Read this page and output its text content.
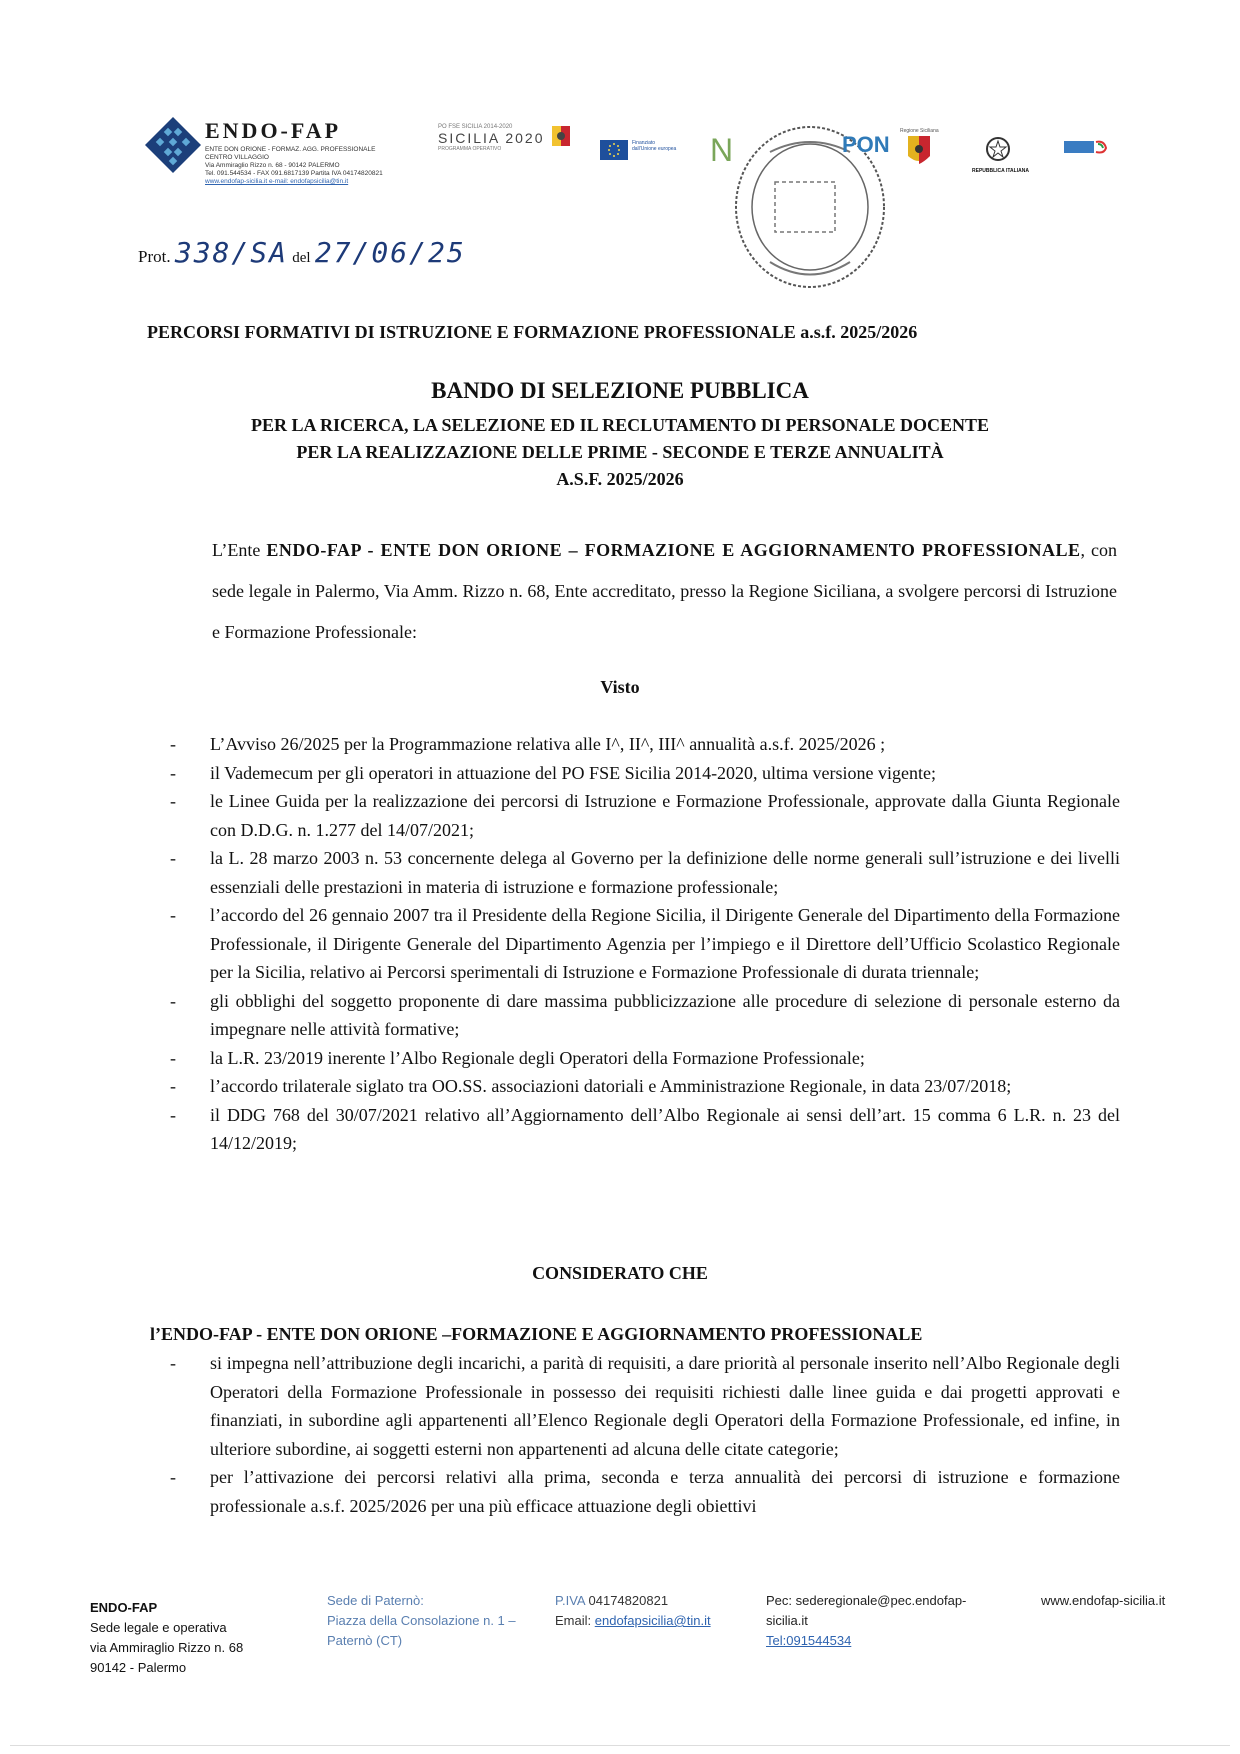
ENDO-FAP
ENTE DON ORIONE - FORMAZ. AGG. PROFESSIONALE
CENTRO VILLAGGIO
Via Ammiraglio Rizzo n. 68 - 90142 PALERMO
Tel. 091.544534 - FAX 091.6817139 Partita IVA 04174820821
www.endofap-sicilia.it e-mail: endofapsicilia@tin.it
PO FSE SICILIA 2014-2020
SICILIA 2020
PROGRAMMA OPERATIVO
Finanziato dall'Unione europea N	PON
Regione Siciliana
REPUBBLICA ITALIANA
Prot. 338/SA del 27/06/25
PERCORSI FORMATIVI DI ISTRUZIONE E FORMAZIONE PROFESSIONALE a.s.f. 2025/2026
BANDO DI SELEZIONE PUBBLICA
PER LA RICERCA, LA SELEZIONE ED IL RECLUTAMENTO DI PERSONALE DOCENTE
PER LA REALIZZAZIONE DELLE PRIME - SECONDE E TERZE ANNUALITÀ
A.S.F. 2025/2026
L’Ente ENDO-FAP - ENTE DON ORIONE – FORMAZIONE E AGGIORNAMENTO PROFESSIONALE, con sede legale in Palermo, Via Amm. Rizzo n. 68, Ente accreditato, presso la Regione Siciliana, a svolgere percorsi di Istruzione e Formazione Professionale:
Visto
-	L’Avviso 26/2025 per la Programmazione relativa alle I^, II^, III^ annualità a.s.f. 2025/2026 ;
-	il Vademecum per gli operatori in attuazione del PO FSE Sicilia 2014-2020, ultima versione vigente;
-	le Linee Guida per la realizzazione dei percorsi di Istruzione e Formazione Professionale, approvate dalla Giunta Regionale con D.D.G. n. 1.277 del 14/07/2021;
-	la L. 28 marzo 2003 n. 53 concernente delega al Governo per la definizione delle norme generali sull’istruzione e dei livelli essenziali delle prestazioni in materia di istruzione e formazione professionale;
-	l’accordo del 26 gennaio 2007 tra il Presidente della Regione Sicilia, il Dirigente Generale del Dipartimento della Formazione Professionale, il Dirigente Generale del Dipartimento Agenzia per l’impiego e il Direttore dell’Ufficio Scolastico Regionale per la Sicilia, relativo ai Percorsi sperimentali di Istruzione e Formazione Professionale di durata triennale;
-	gli obblighi del soggetto proponente di dare massima pubblicizzazione alle procedure di selezione di personale esterno da impegnare nelle attività formative;
-	la L.R. 23/2019 inerente l’Albo Regionale degli Operatori della Formazione Professionale;
-	l’accordo trilaterale siglato tra OO.SS. associazioni datoriali e Amministrazione Regionale, in data 23/07/2018;
-	il DDG 768 del 30/07/2021 relativo all’Aggiornamento dell’Albo Regionale ai sensi dell’art. 15 comma 6 L.R. n. 23 del 14/12/2019;
CONSIDERATO CHE
l’ENDO-FAP - ENTE DON ORIONE –FORMAZIONE E AGGIORNAMENTO PROFESSIONALE
-	si impegna nell’attribuzione degli incarichi, a parità di requisiti, a dare priorità al personale inserito nell’Albo Regionale degli Operatori della Formazione Professionale in possesso dei requisiti richiesti dalle linee guida e dai progetti approvati e finanziati, in subordine agli appartenenti all’Elenco Regionale degli Operatori della Formazione Professionale, ed infine, in ulteriore subordine, ai soggetti esterni non appartenenti ad alcuna delle citate categorie;
-	per l’attivazione dei percorsi relativi alla prima, seconda e terza annualità dei percorsi di istruzione e formazione professionale a.s.f. 2025/2026 per una più efficace attuazione degli obiettivi
ENDO-FAP
Sede legale e operativa
via Ammiraglio Rizzo n. 68
90142 - Palermo
Sede di Paternò:
Piazza della Consolazione n. 1 –
Paternò (CT)
P.IVA 04174820821
Email: endofapsicilia@tin.it
Pec: sederegionale@pec.endofap-
sicilia.it
Tel:091544534
www.endofap-sicilia.it
